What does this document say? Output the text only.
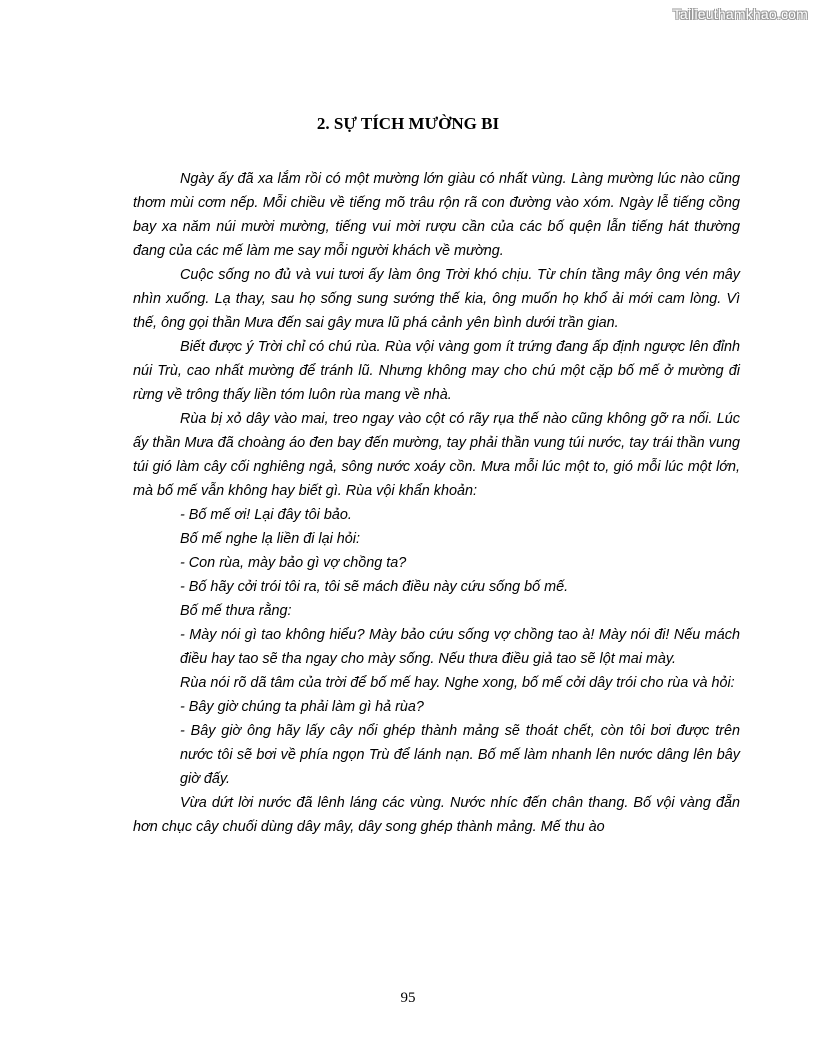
Tailieuthamkhao.com
2. SỰ TÍCH MƯỜNG BI

Ngày ấy đã xa lắm rồi có một mường lớn giàu có nhất vùng. Làng mường lúc nào cũng thơm mùi cơm nếp. Mỗi chiều về tiếng mõ trâu rộn rã con đường vào xóm. Ngày lễ tiếng cồng bay xa năm núi mười mường, tiếng vui mời rượu cần của các bố quện lẫn tiếng hát thường đang của các mế làm me say mỗi người khách về mường.

Cuộc sống no đủ và vui tươi ấy làm ông Trời khó chịu. Từ chín tầng mây ông vén mây nhìn xuống. Lạ thay, sau họ sống sung sướng thế kia, ông muốn họ khổ ải mới cam lòng. Vì thế, ông gọi thần Mưa đến sai gây mưa lũ phá cảnh yên bình dưới trần gian.

Biết được ý Trời chỉ có chú rùa. Rùa vội vàng gom ít trứng đang ấp định ngược lên đỉnh núi Trù, cao nhất mường để tránh lũ. Nhưng không may cho chú một cặp bố mế ở mường đi rừng về trông thấy liền tóm luôn rùa mang về nhà.

Rùa bị xỏ dây vào mai, treo ngay vào cột có rãy rụa thế nào cũng không gỡ ra nổi. Lúc ấy thần Mưa đã choàng áo đen bay đến mường, tay phải thần vung túi nước, tay trái thần vung túi gió làm cây cối nghiêng ngả, sông nước xoáy cồn. Mưa mỗi lúc một to, gió mỗi lúc một lớn, mà bố mế vẫn không hay biết gì. Rùa vội khẩn khoản:

- Bố mế ơi! Lại đây tôi bảo.

Bố mế nghe lạ liền đi lại hỏi:

- Con rùa, mày bảo gì vợ chồng ta?

- Bố hãy cởi trói tôi ra, tôi sẽ mách điều này cứu sống bố mế.

Bố mế thưa rằng:

- Mày nói gì tao không hiểu? Mày bảo cứu sống vợ chồng tao à! Mày nói đi! Nếu mách điều hay tao sẽ tha ngay cho mày sống. Nếu thưa điều giả tao sẽ lột mai mày.

Rùa nói rõ dã tâm của trời để bố mế hay. Nghe xong, bố mế cởi dây trói cho rùa và hỏi:

- Bây giờ chúng ta phải làm gì hả rùa?

- Bây giờ ông hãy lấy cây nổi ghép thành mảng sẽ thoát chết, còn tôi bơi được trên nước tôi sẽ bơi về phía ngọn Trù để lánh nạn. Bố mế làm nhanh lên nước dâng lên bây giờ đấy.

Vừa dứt lời nước đã lênh láng các vùng. Nước nhíc đến chân thang. Bố vội vàng đẵn hơn chục cây chuối dùng dây mây, dây song ghép thành mảng. Mế thu ào

95
